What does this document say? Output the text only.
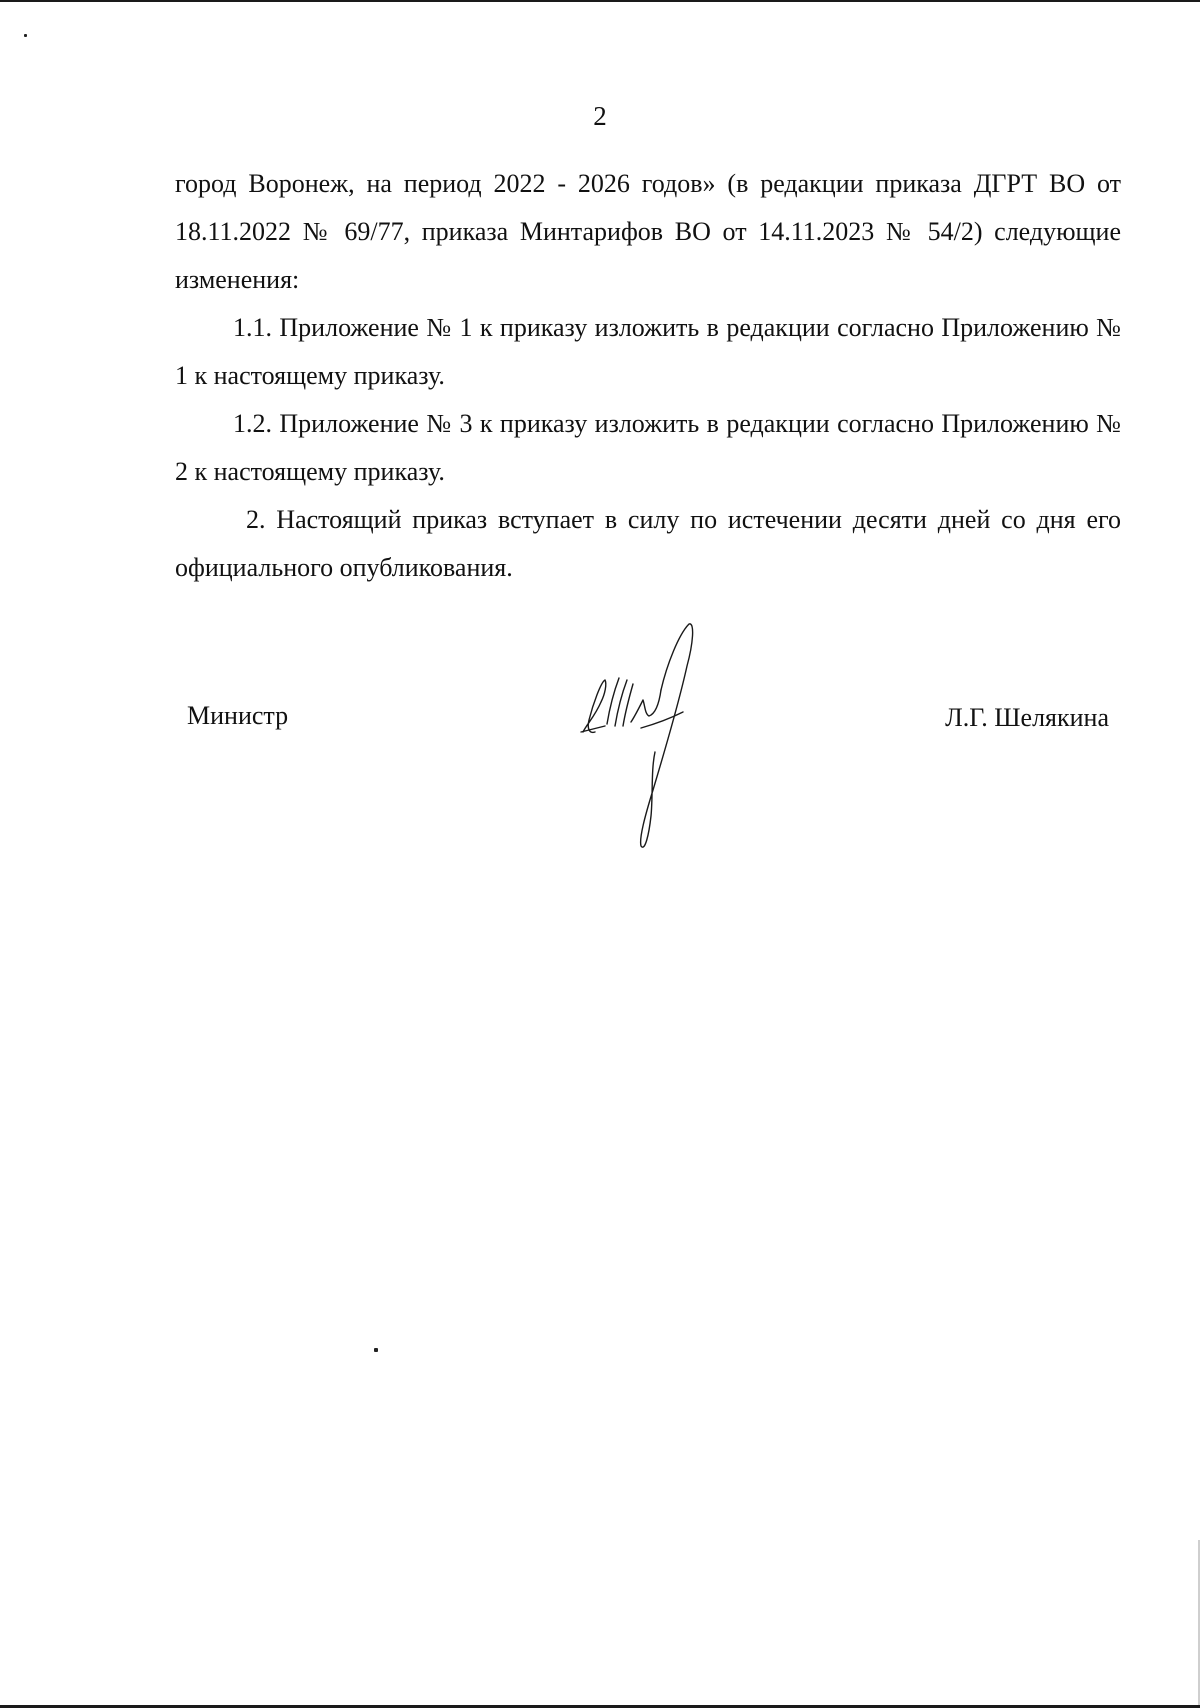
2

город Воронеж, на период 2022 - 2026 годов» (в редакции приказа ДГРТ ВО от 18.11.2022 № 69/77, приказа Минтарифов ВО от 14.11.2023 № 54/2) следующие изменения:

1.1. Приложение № 1 к приказу изложить в редакции согласно Приложению № 1 к настоящему приказу.

1.2. Приложение № 3 к приказу изложить в редакции согласно Приложению № 2 к настоящему приказу.

2. Настоящий приказ вступает в силу по истечении десяти дней со дня его официального опубликования.

Министр	Л.Г. Шелякина
